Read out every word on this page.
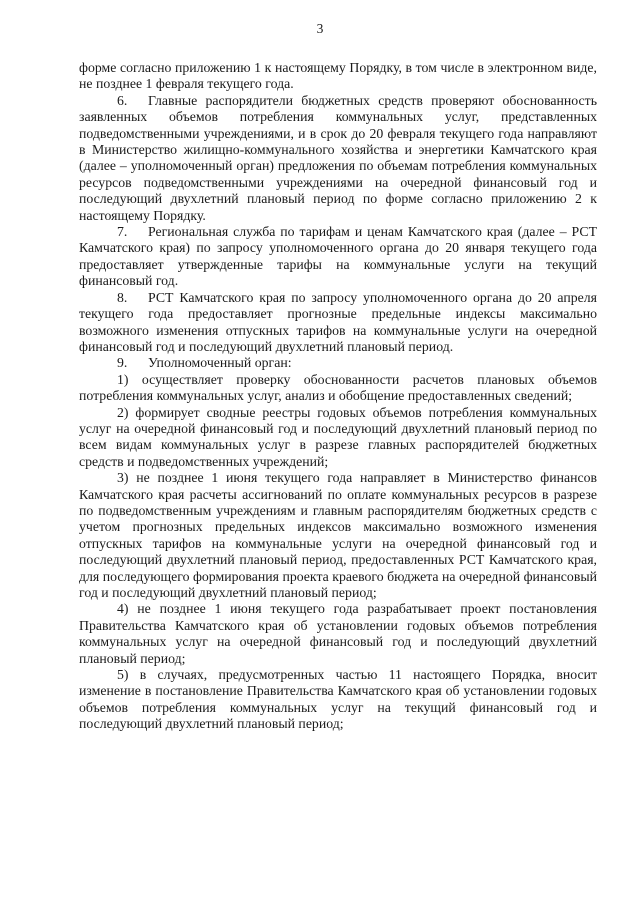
3

форме согласно приложению 1 к настоящему Порядку, в том числе в электронном виде, не позднее 1 февраля текущего года.

6. Главные распорядители бюджетных средств проверяют обоснованность заявленных объемов потребления коммунальных услуг, представленных подведомственными учреждениями, и в срок до 20 февраля текущего года направляют в Министерство жилищно-коммунального хозяйства и энергетики Камчатского края (далее – уполномоченный орган) предложения по объемам потребления коммунальных ресурсов подведомственными учреждениями на очередной финансовый год и последующий двухлетний плановый период по форме согласно приложению 2 к настоящему Порядку.

7. Региональная служба по тарифам и ценам Камчатского края (далее – РСТ Камчатского края) по запросу уполномоченного органа до 20 января текущего года предоставляет утвержденные тарифы на коммунальные услуги на текущий финансовый год.

8. РСТ Камчатского края по запросу уполномоченного органа до 20 апреля текущего года предоставляет прогнозные предельные индексы максимально возможного изменения отпускных тарифов на коммунальные услуги на очередной финансовый год и последующий двухлетний плановый период.

9. Уполномоченный орган:

1) осуществляет проверку обоснованности расчетов плановых объемов потребления коммунальных услуг, анализ и обобщение предоставленных сведений;

2) формирует сводные реестры годовых объемов потребления коммунальных услуг на очередной финансовый год и последующий двухлетний плановый период по всем видам коммунальных услуг в разрезе главных распорядителей бюджетных средств и подведомственных учреждений;

3) не позднее 1 июня текущего года направляет в Министерство финансов Камчатского края расчеты ассигнований по оплате коммунальных ресурсов в разрезе по подведомственным учреждениям и главным распорядителям бюджетных средств с учетом прогнозных предельных индексов максимально возможного изменения отпускных тарифов на коммунальные услуги на очередной финансовый год и последующий двухлетний плановый период, предоставленных РСТ Камчатского края, для последующего формирования проекта краевого бюджета на очередной финансовый год и последующий двухлетний плановый период;

4) не позднее 1 июня текущего года разрабатывает проект постановления Правительства Камчатского края об установлении годовых объемов потребления коммунальных услуг на очередной финансовый год и последующий двухлетний плановый период;

5) в случаях, предусмотренных частью 11 настоящего Порядка, вносит изменение в постановление Правительства Камчатского края об установлении годовых объемов потребления коммунальных услуг на текущий финансовый год и последующий двухлетний плановый период;
